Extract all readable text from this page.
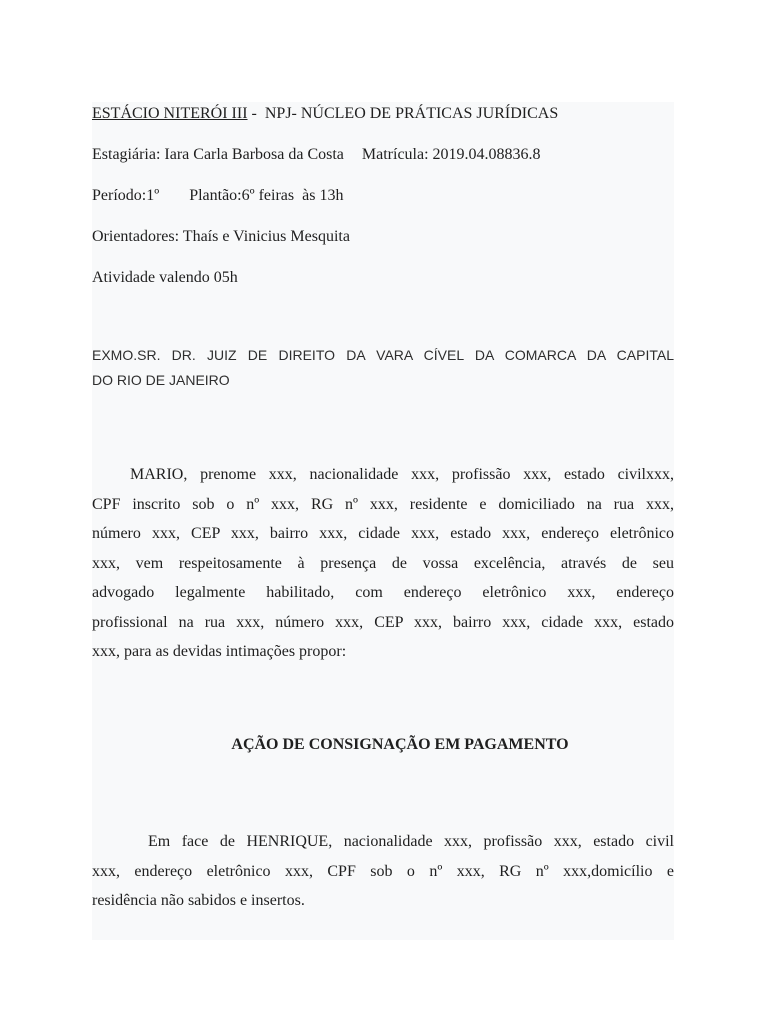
ESTÁCIO NITERÓI III -  NPJ- NÚCLEO DE PRÁTICAS JURÍDICAS

Estagiária: Iara Carla Barbosa da Costa Matrícula: 2019.04.08836.8

Período:1º Plantão:6º feiras  às 13h

Orientadores: Thaís e Vinicius Mesquita

Atividade valendo 05h

EXMO.SR. DR. JUIZ DE DIREITO DA VARA CÍVEL DA COMARCA DA CAPITAL
DO RIO DE JANEIRO
MARIO, prenome xxx, nacionalidade xxx, profissão xxx, estado civilxxx,
CPF inscrito sob o nº xxx, RG nº xxx, residente e domiciliado na rua xxx,
número xxx, CEP xxx, bairro xxx, cidade xxx, estado xxx, endereço eletrônico
xxx, vem respeitosamente à presença de vossa excelência, através de seu
advogado legalmente habilitado, com endereço eletrônico xxx, endereço
profissional na rua xxx, número xxx, CEP xxx, bairro xxx, cidade xxx, estado
xxx, para as devidas intimações propor:

AÇÃO DE CONSIGNAÇÃO EM PAGAMENTO

Em face de HENRIQUE, nacionalidade xxx, profissão xxx, estado civil
xxx, endereço eletrônico xxx, CPF sob o nº xxx, RG nº xxx,domicílio e
residência não sabidos e insertos.
